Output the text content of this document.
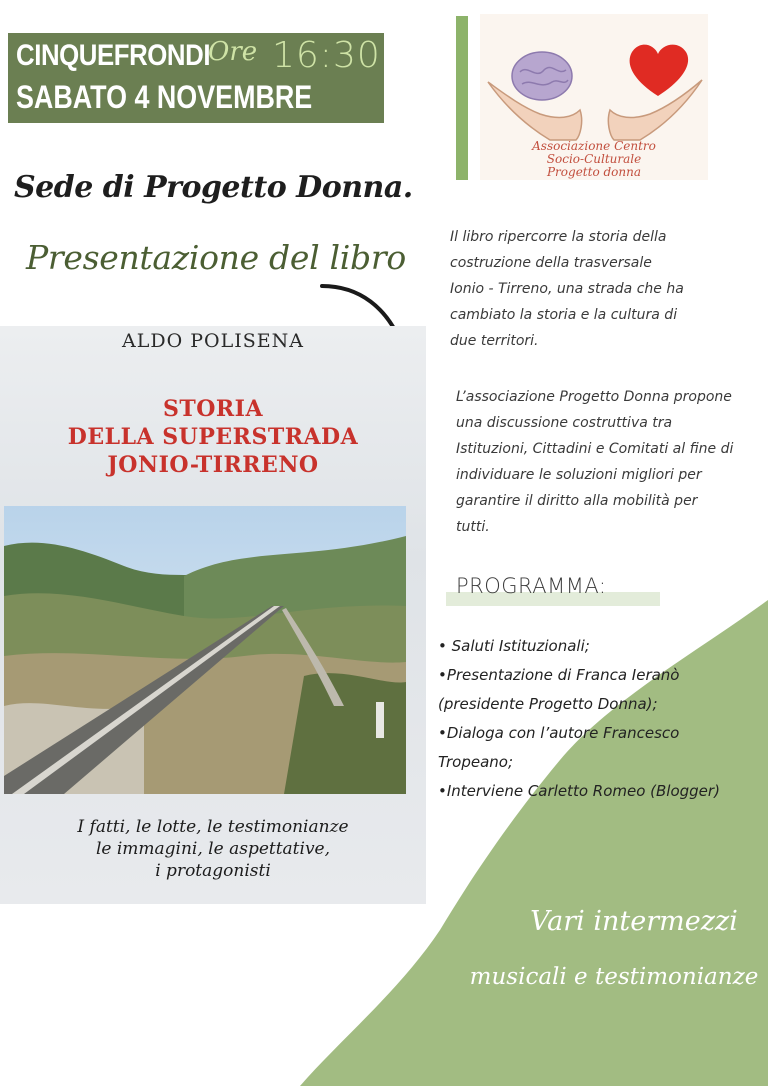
CINQUEFRONDI
Ore 16:30
SABATO 4 NOVEMBRE
Associazione Centro
Socio-Culturale
Progetto donna
Sede di Progetto Donna.
Presentazione del libro
ALDO POLISENA
STORIA
DELLA SUPERSTRADA
JONIO-TIRRENO
I fatti, le lotte, le testimonianze
le immagini, le aspettative,
i protagonisti
Il libro ripercorre la storia della
costruzione della trasversale
Ionio - Tirreno, una strada che ha
cambiato la storia e la cultura di
due territori.
L’associazione Progetto Donna propone
una discussione costruttiva tra
Istituzioni, Cittadini e Comitati al fine di
individuare le soluzioni migliori per
garantire il diritto alla mobilità per
tutti.
PROGRAMMA:
• Saluti Istituzionali;
•Presentazione di Franca Ieranò
(presidente Progetto Donna);
•Dialoga con l’autore Francesco
Tropeano;
•Interviene Carletto Romeo (Blogger)
Vari intermezzi
musicali e testimonianze
